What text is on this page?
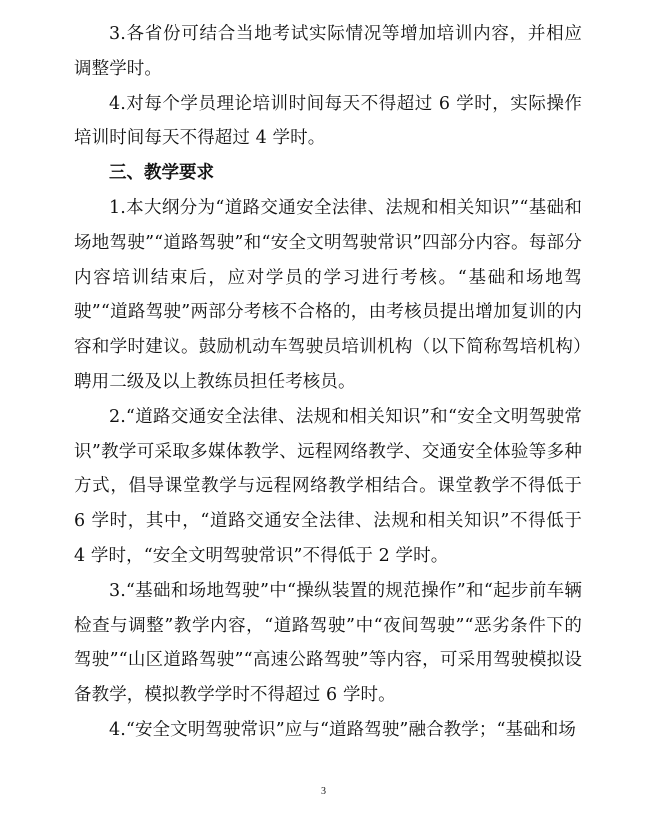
3.各省份可结合当地考试实际情况等增加培训内容，并相应调整学时。

4.对每个学员理论培训时间每天不得超过 6 学时，实际操作培训时间每天不得超过 4 学时。

三、教学要求

1.本大纲分为“道路交通安全法律、法规和相关知识”“基础和场地驾驶”“道路驾驶”和“安全文明驾驶常识”四部分内容。每部分内容培训结束后，应对学员的学习进行考核。“基础和场地驾驶”“道路驾驶”两部分考核不合格的，由考核员提出增加复训的内容和学时建议。鼓励机动车驾驶员培训机构（以下简称驾培机构）聘用二级及以上教练员担任考核员。

2.“道路交通安全法律、法规和相关知识”和“安全文明驾驶常识”教学可采取多媒体教学、远程网络教学、交通安全体验等多种方式，倡导课堂教学与远程网络教学相结合。课堂教学不得低于 6 学时，其中，“道路交通安全法律、法规和相关知识”不得低于 4 学时，“安全文明驾驶常识”不得低于 2 学时。

3.“基础和场地驾驶”中“操纵装置的规范操作”和“起步前车辆检查与调整”教学内容，“道路驾驶”中“夜间驾驶”“恶劣条件下的驾驶”“山区道路驾驶”“高速公路驾驶”等内容，可采用驾驶模拟设备教学，模拟教学学时不得超过 6 学时。

4.“安全文明驾驶常识”应与“道路驾驶”融合教学；“基础和场

3
